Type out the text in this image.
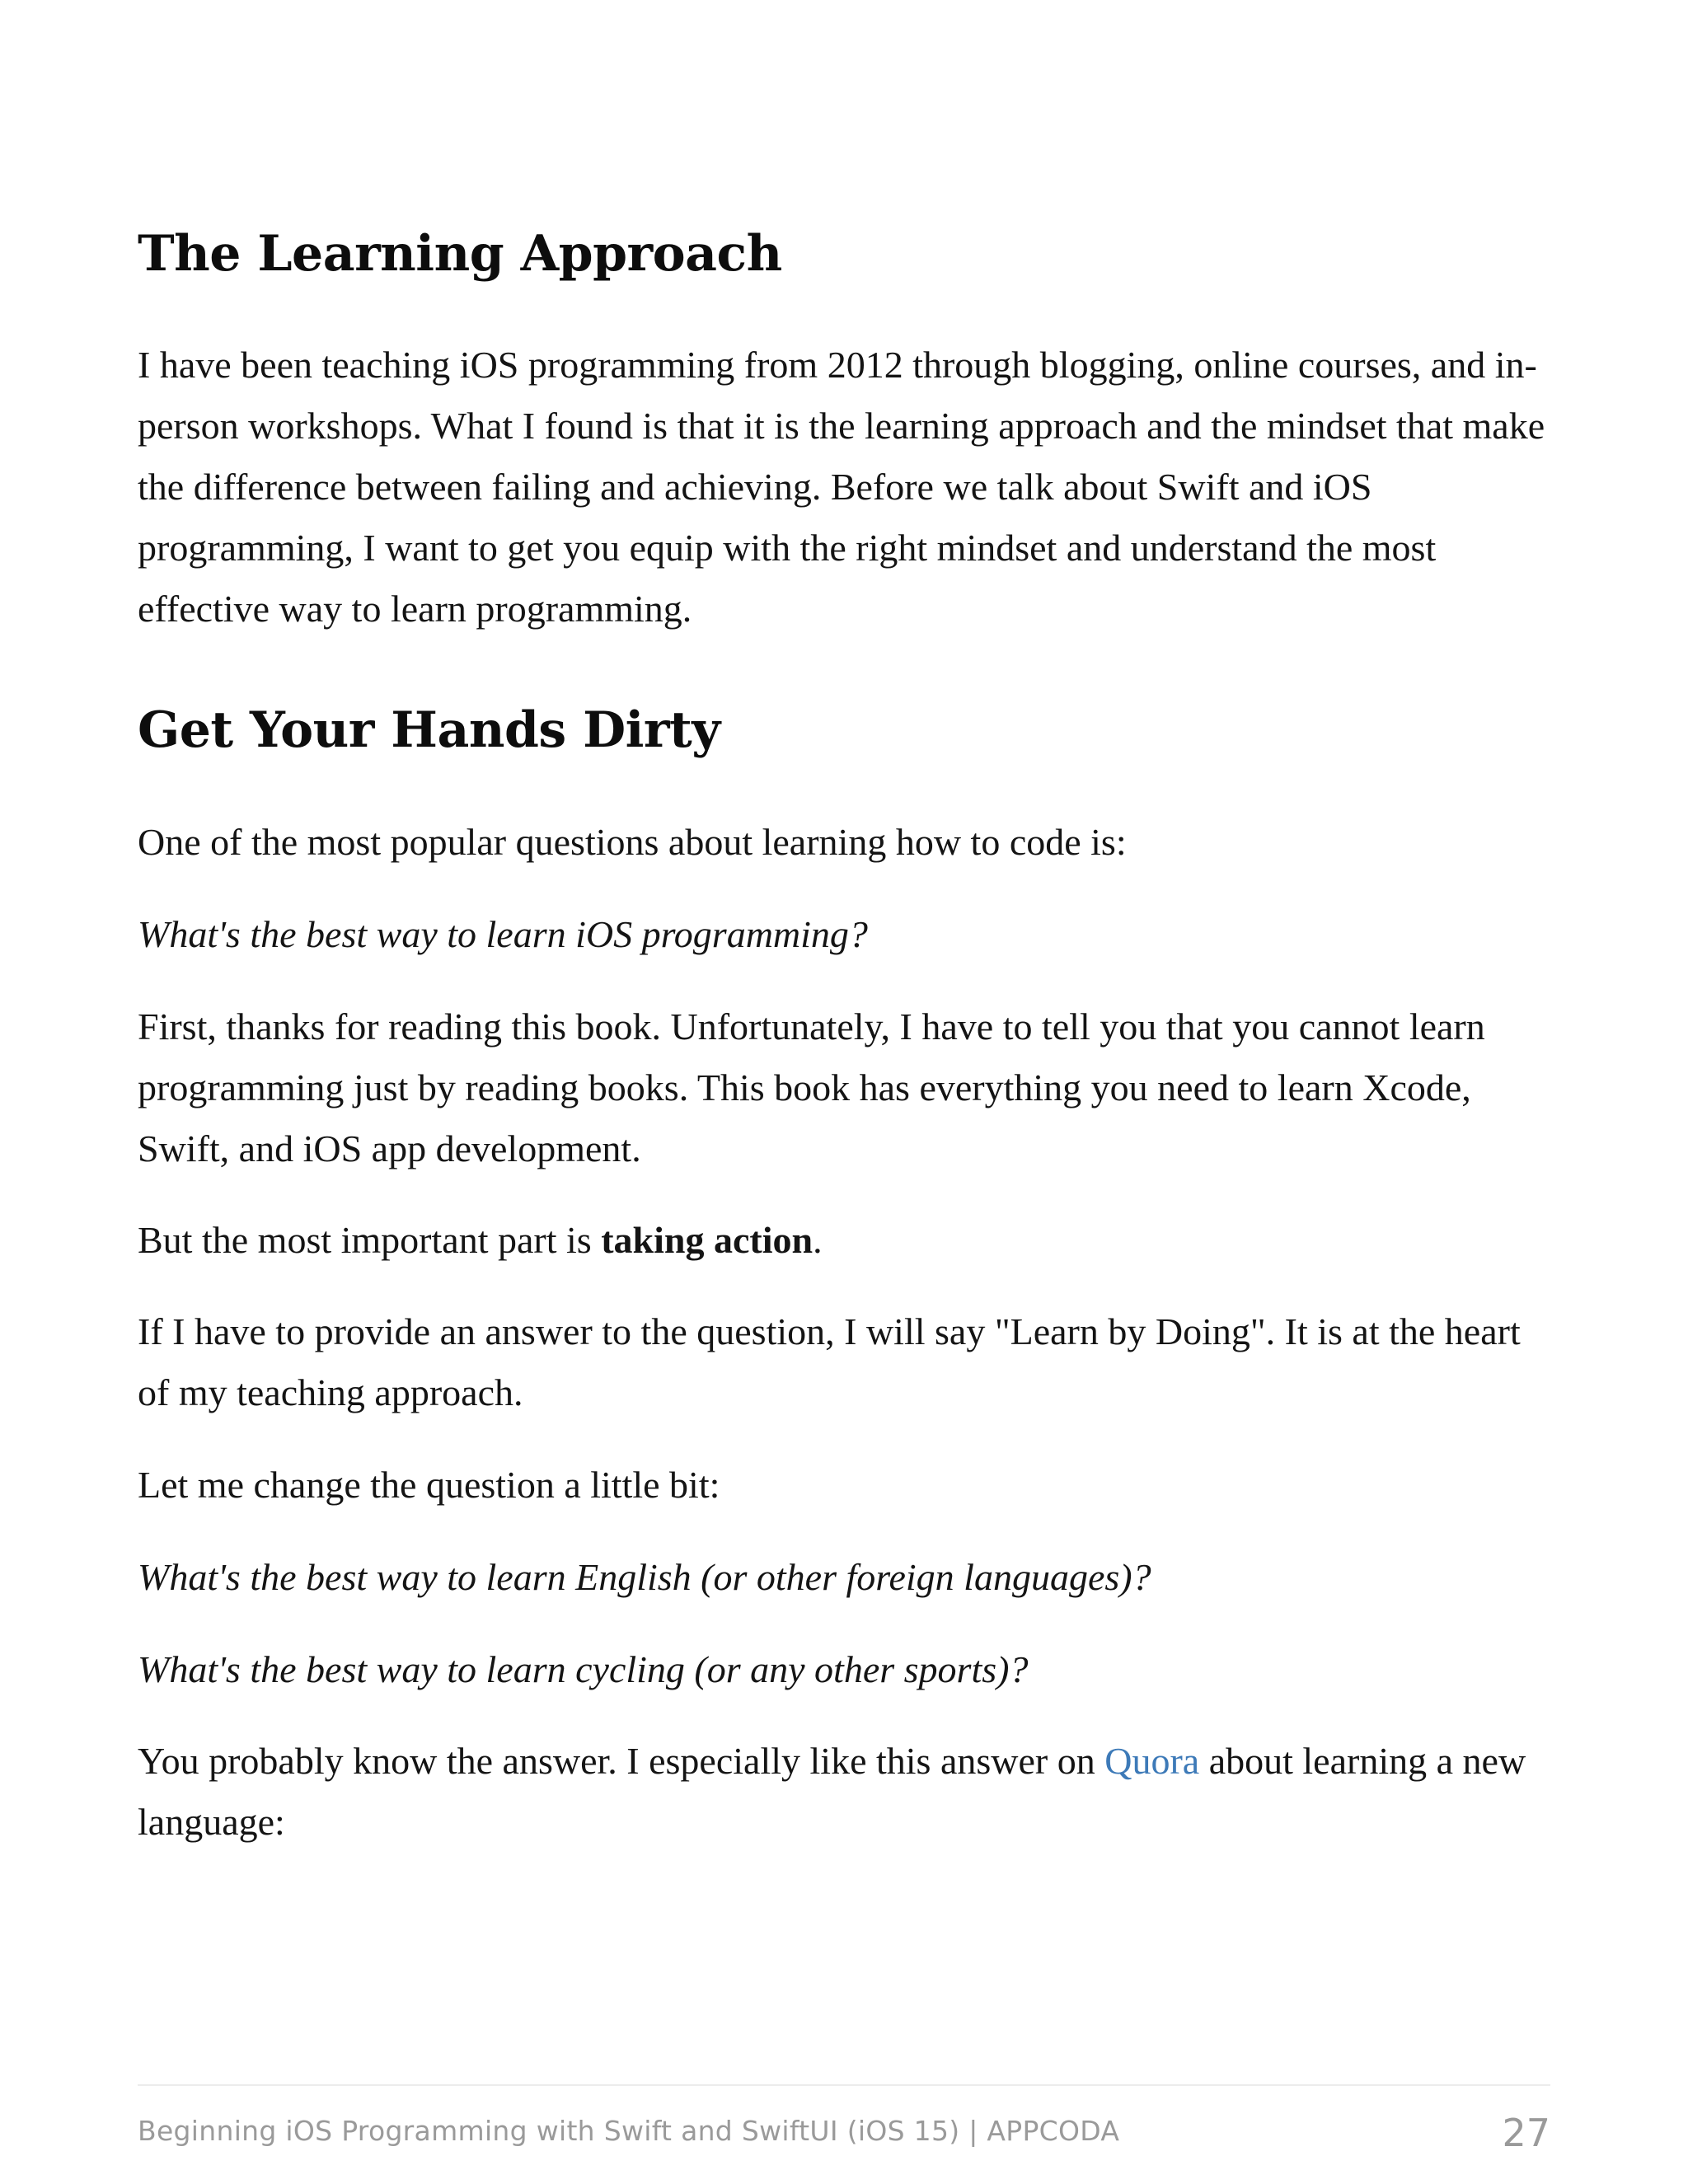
The Learning Approach

I have been teaching iOS programming from 2012 through blogging, online courses, and in-person workshops. What I found is that it is the learning approach and the mindset that make the difference between failing and achieving. Before we talk about Swift and iOS programming, I want to get you equip with the right mindset and understand the most effective way to learn programming.

Get Your Hands Dirty

One of the most popular questions about learning how to code is:

What's the best way to learn iOS programming?

First, thanks for reading this book. Unfortunately, I have to tell you that you cannot learn programming just by reading books. This book has everything you need to learn Xcode, Swift, and iOS app development.

But the most important part is taking action.

If I have to provide an answer to the question, I will say "Learn by Doing". It is at the heart of my teaching approach.

Let me change the question a little bit:

What's the best way to learn English (or other foreign languages)?

What's the best way to learn cycling (or any other sports)?

You probably know the answer. I especially like this answer on Quora about learning a new language:

Beginning iOS Programming with Swift and SwiftUI (iOS 15) | APPCODA	27
